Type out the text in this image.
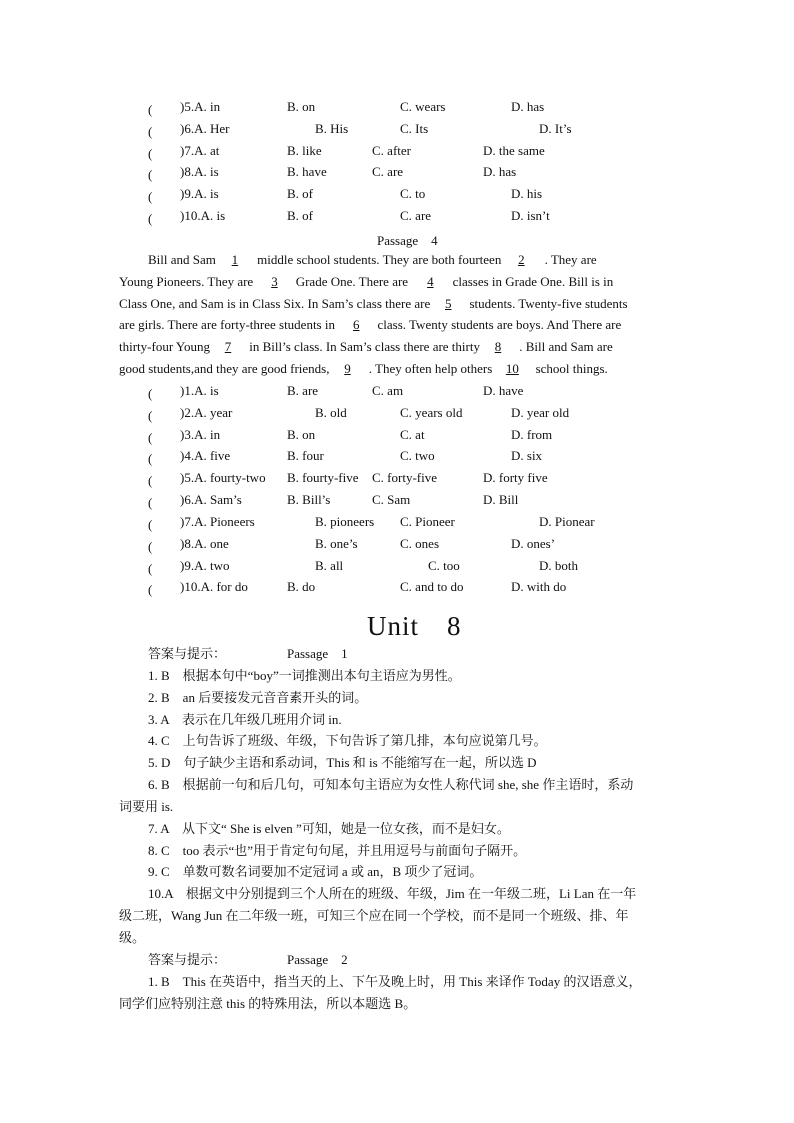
(　　 )5.A. in	B. on	C. wears	D. has
(　　 )6.A. Her	B. His	C. Its	D. It’s
(　　 )7.A. at	B. like	C. after	D. the same
(　　 )8.A. is	B. have	C. are	D. has
(　　 )9.A. is	B. of	C. to	D. his
(　　 )10.A. is	B. of	C. are	D. isn’t
Passage　4
Bill and Sam 1 middle school students. They are both fourteen 2 . They are
Young Pioneers. They are 3 Grade One. There are 4 classes in Grade One. Bill is in
Class One, and Sam is in Class Six. In Sam’s class there are 5 students. Twenty-five students
are girls. There are forty-three students in 6 class. Twenty students are boys. And There are
thirty-four Young 7 in Bill’s class. In Sam’s class there are thirty 8 . Bill and Sam are
good students,and they are good friends, 9 . They often help others 10 school things.
(　　 )1.A. is	B. are	C. am	D. have
(　　 )2.A. year	B. old	C. years old	D. year old
(　　 )3.A. in	B. on	C. at	D. from
(　　 )4.A. five	B. four	C. two	D. six
(　　 )5.A. fourty-two B. fourty-five C. forty-five	D. forty five
(　　 )6.A. Sam’s	B. Bill’s	C. Sam	D. Bill
(　　 )7.A. Pioneers	B. pioneers C. Pioneer	D. Pionear
(　　 )8.A. one	B. one’s	C. ones	D. ones’
(　　 )9.A. two	B. all	C. too	D. both
(　　 )10.A. for do	B. do	C. and to do	D. with do
Unit　8
答案与提示：	Passage　1
1. B　根据本句中“boy”一词推测出本句主语应为男性。
2. B　an 后要接发元音音素开头的词。
3. A　表示在几年级几班用介词 in.
4. C　上句告诉了班级、年级，下句告诉了第几排，本句应说第几号。
5. D　句子缺少主语和系动词，This 和 is 不能缩写在一起，所以选 D
6. B　根据前一句和后几句，可知本句主语应为女性人称代词 she, she 作主语时，系动
词要用 is.
7. A　从下文“ She is elven ”可知，她是一位女孩，而不是妇女。
8. C　too 表示“也”用于肯定句句尾，并且用逗号与前面句子隔开。
9. C　单数可数名词要加不定冠词 a 或 an，B 项少了冠词。
10.A　根据文中分别提到三个人所在的班级、年级，Jim 在一年级二班，Li Lan 在一年
级二班，Wang Jun 在二年级一班，可知三个应在同一个学校，而不是同一个班级、排、年
级。
答案与提示：	Passage　2
1. B　This 在英语中，指当天的上、下午及晚上时，用 This 来译作 Today 的汉语意义，
同学们应特别注意 this 的特殊用法，所以本题选 B。
